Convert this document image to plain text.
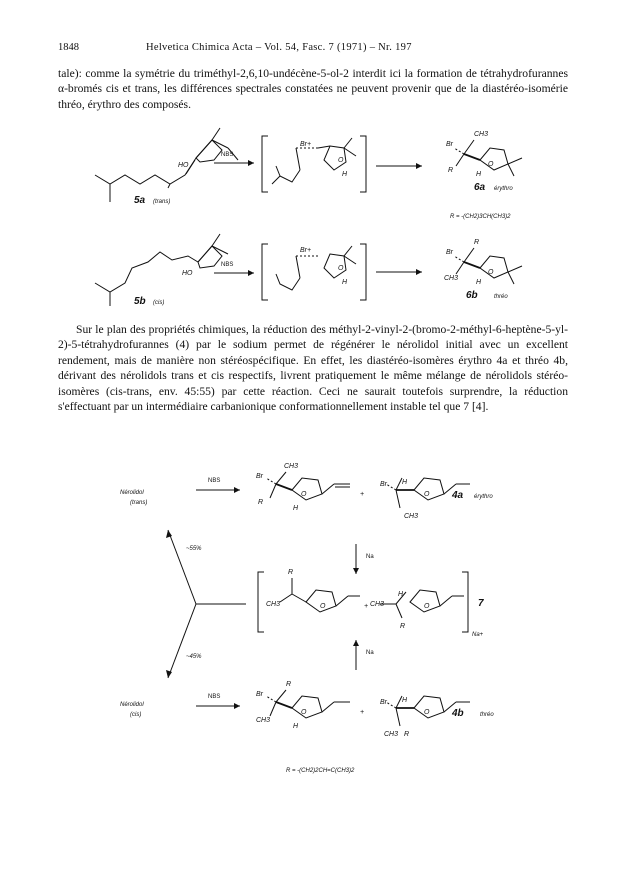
1848	Helvetica Chimica Acta – Vol. 54, Fasc. 7 (1971) – Nr. 197
tale): comme la symétrie du triméthyl-2,6,10-undécène-5-ol-2 interdit ici la formation de tétrahydrofurannes α-bromés cis et trans, les différences spectrales constatées ne peuvent provenir que de la diastéréo-isomérie thréo, érythro des composés.
HO
5a (trans)
NBS
Br+
O
H
CH3
Br
R
O
H
6a érythro
R = -(CH2)3CH(CH3)2
HO
5b (cis)
NBS
Br+
O
H
R
Br
CH3
O
H
6b	thréo
Sur le plan des propriétés chimiques, la réduction des méthyl-2-vinyl-2-(bromo-2-méthyl-6-heptène-5-yl-2)-5-tétrahydrofurannes (4) par le sodium permet de régénérer le nérolidol initial avec un excellent rendement, mais de manière non stéréospécifique. En effet, les diastéréo-isomères érythro 4a et thréo 4b, dérivant des nérolidols trans et cis respectifs, livrent pratiquement le même mélange de nérolidols stéréo-isomères (cis-trans, env. 45:55) par cette réaction. Ceci ne saurait toutefois surprendre, la réduction s'effectuant par un intermédiaire carbanionique conformationnellement instable tel que 7 [4].
Nérolidol
(trans)
NBS
CH3
Br
R
O
H
+
Br H
CH3
O 4a érythro
Na
Na
~55%
~45%
R
CH3	O	+ CH3
H
R
O	7
Na+
Nérolidol
(cis)
NBS
R
Br
CH3
O
H
+
Br H
CH3 R
O 4b	thréo
R = -(CH2)2CH=C(CH3)2
